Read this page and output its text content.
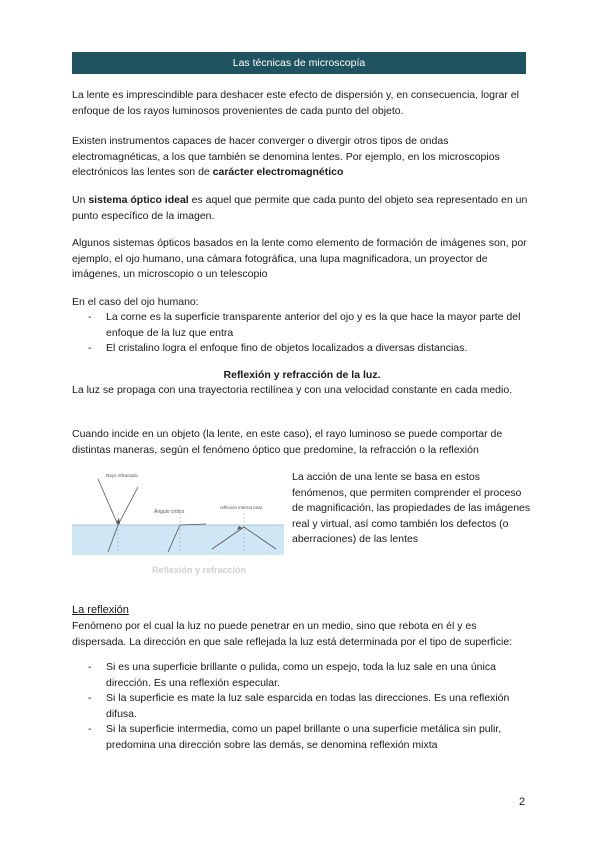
Las técnicas de microscopía

La lente es imprescindible para deshacer este efecto de dispersión y, en consecuencia, lograr el enfoque de los rayos luminosos provenientes de cada punto del objeto.

Existen instrumentos capaces de hacer converger o divergir otros tipos de ondas electromagnéticas, a los que también se denomina lentes. Por ejemplo, en los microscopios electrónicos las lentes son de carácter electromagnético

Un sistema óptico ideal es aquel que permite que cada punto del objeto sea representado en un punto específico de la imagen.

Algunos sistemas ópticos basados en la lente como elemento de formación de imágenes son, por ejemplo, el ojo humano, una cámara fotográfica, una lupa magnificadora, un proyector de imágenes, un microscopio o un telescopio

En el caso del ojo humano:

- La corne es la superficie transparente anterior del ojo y es la que hace la mayor parte del enfoque de la luz que entra
- El cristalino logra el enfoque fino de objetos localizados a diversas distancias.
Reflexión y refracción de la luz.

La luz se propaga con una trayectoria rectilínea y con una velocidad constante en cada medio.

Cuando incide en un objeto (la lente, en este caso), el rayo luminoso se puede comportar de distintas maneras, según el fenómeno óptico que predomine, la refracción o la reflexión

Rayo refractado
Ángulo crítico
reflexión interna total
Reflexión y refracción

La acción de una lente se basa en estos fenómenos, que permiten comprender el proceso de magnificación, las propiedades de las imágenes real y virtual, así como también los defectos (o aberraciones) de las lentes

La reflexión

Fenómeno por el cual la luz no puede penetrar en un medio, sino que rebota en él y es dispersada. La dirección en que sale reflejada la luz está determinada por el tipo de superficie:

- Si es una superficie brillante o pulida, como un espejo, toda la luz sale en una única dirección. Es una reflexión especular.
- Si la superficie es mate la luz sale esparcida en todas las direcciones. Es una reflexión difusa.
- Si la superficie intermedia, como un papel brillante o una superficie metálica sin pulir, predomina una dirección sobre las demás, se denomina reflexión mixta
2
